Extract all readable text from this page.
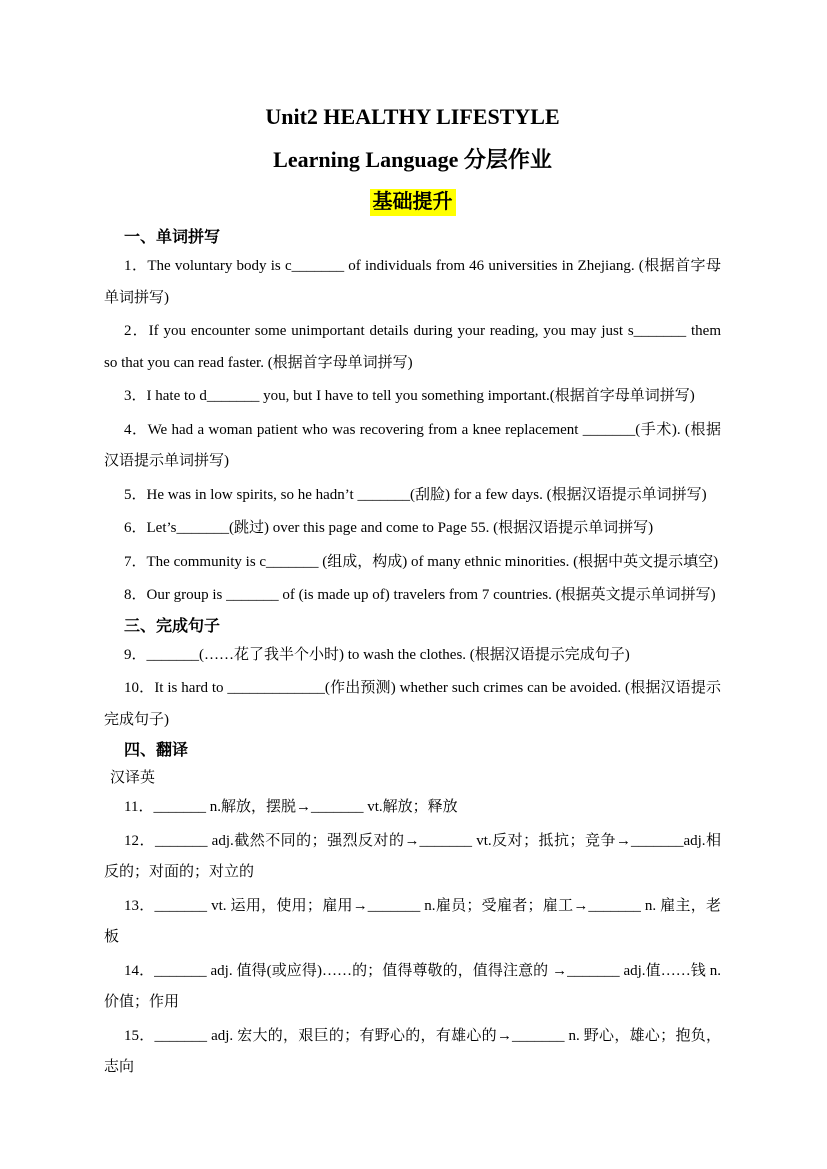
Unit2 HEALTHY LIFESTYLE
Learning Language 分层作业
基础提升
一、单词拼写

1．The voluntary body is c_______ of individuals from 46 universities in Zhejiang. (根据首字母单词拼写)

2．If you encounter some unimportant details during your reading, you may just s_______ them so that you can read faster. (根据首字母单词拼写)

3．I hate to d_______ you, but I have to tell you something important.(根据首字母单词拼写)

4．We had a woman patient who was recovering from a knee replacement _______(手术). (根据汉语提示单词拼写)

5．He was in low spirits, so he hadn’t _______(刮脸) for a few days. (根据汉语提示单词拼写)

6．Let’s_______(跳过) over this page and come to Page 55. (根据汉语提示单词拼写)

7．The community is c_______ (组成，构成) of many ethnic minorities. (根据中英文提示填空)

8．Our group is _______ of (is made up of) travelers from 7 countries. (根据英文提示单词拼写)

三、完成句子

9．_______(……花了我半个小时) to wash the clothes. (根据汉语提示完成句子)

10．It is hard to _____________(作出预测) whether such crimes can be avoided. (根据汉语提示完成句子)

四、翻译

汉译英

11．_______ n.解放，摆脱→_______ vt.解放；释放

12．_______ adj.截然不同的；强烈反对的→_______ vt.反对；抵抗；竞争→_______adj.相反的；对面的；对立的

13．_______ vt. 运用，使用；雇用→_______ n.雇员；受雇者；雇工→_______ n. 雇主，老板

14．_______ adj. 值得(或应得)……的；值得尊敬的，值得注意的 →_______ adj.值……钱 n.价值；作用

15．_______ adj. 宏大的，艰巨的；有野心的，有雄心的→_______ n. 野心，雄心；抱负，志向
